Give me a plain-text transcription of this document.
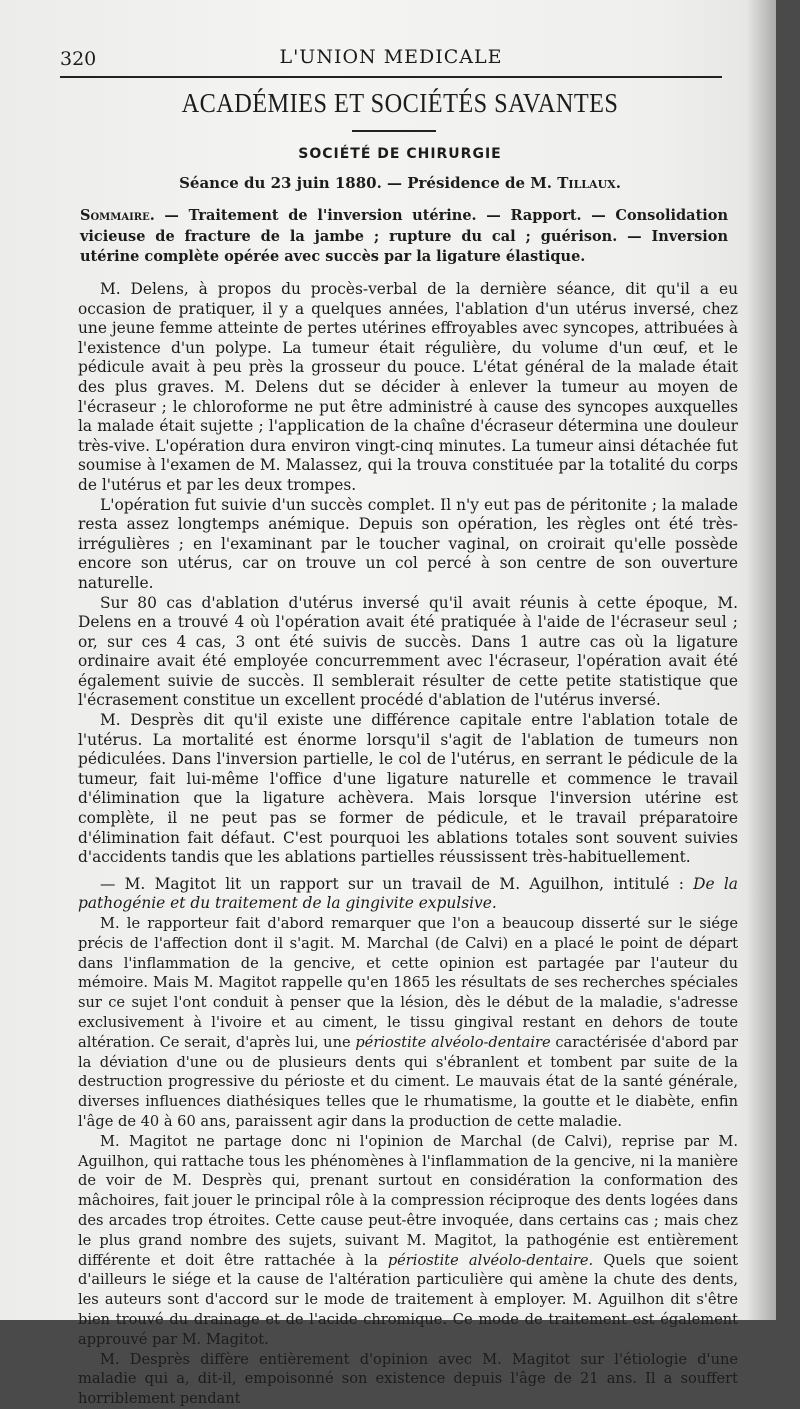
320	L'UNION MEDICALE
ACADÉMIES ET SOCIÉTÉS SAVANTES
SOCIÉTÉ DE CHIRURGIE
Séance du 23 juin 1880. — Présidence de M. Tillaux.
Sommaire. — Traitement de l'inversion utérine. — Rapport. — Consolidation vicieuse de fracture de la jambe ; rupture du cal ; guérison. — Inversion utérine complète opérée avec succès par la ligature élastique.

M. Delens, à propos du procès-verbal de la dernière séance, dit qu'il a eu occasion de pratiquer, il y a quelques années, l'ablation d'un utérus inversé, chez une jeune femme atteinte de pertes utérines effroyables avec syncopes, attribuées à l'existence d'un polype. La tumeur était régulière, du volume d'un œuf, et le pédicule avait à peu près la grosseur du pouce. L'état général de la malade était des plus graves. M. Delens dut se décider à enlever la tumeur au moyen de l'écraseur ; le chloroforme ne put être administré à cause des syncopes auxquelles la malade était sujette ; l'application de la chaîne d'écraseur détermina une douleur très-vive. L'opération dura environ vingt-cinq minutes. La tumeur ainsi détachée fut soumise à l'examen de M. Malassez, qui la trouva constituée par la totalité du corps de l'utérus et par les deux trompes.

L'opération fut suivie d'un succès complet. Il n'y eut pas de péritonite ; la malade resta assez longtemps anémique. Depuis son opération, les règles ont été très-irrégulières ; en l'examinant par le toucher vaginal, on croirait qu'elle possède encore son utérus, car on trouve un col percé à son centre de son ouverture naturelle.

Sur 80 cas d'ablation d'utérus inversé qu'il avait réunis à cette époque, M. Delens en a trouvé 4 où l'opération avait été pratiquée à l'aide de l'écraseur seul ; or, sur ces 4 cas, 3 ont été suivis de succès. Dans 1 autre cas où la ligature ordinaire avait été employée concurremment avec l'écraseur, l'opération avait été également suivie de succès. Il semblerait résulter de cette petite statistique que l'écrasement constitue un excellent procédé d'ablation de l'utérus inversé.

M. Desprès dit qu'il existe une différence capitale entre l'ablation totale de l'utérus. La mortalité est énorme lorsqu'il s'agit de l'ablation de tumeurs non pédiculées. Dans l'inversion partielle, le col de l'utérus, en serrant le pédicule de la tumeur, fait lui-même l'office d'une ligature naturelle et commence le travail d'élimination que la ligature achèvera. Mais lorsque l'inversion utérine est complète, il ne peut pas se former de pédicule, et le travail préparatoire d'élimination fait défaut. C'est pourquoi les ablations totales sont souvent suivies d'accidents tandis que les ablations partielles réussissent très-habituellement.

— M. Magitot lit un rapport sur un travail de M. Aguilhon, intitulé : De la pathogénie et du traitement de la gingivite expulsive.

M. le rapporteur fait d'abord remarquer que l'on a beaucoup disserté sur le siége précis de l'affection dont il s'agit. M. Marchal (de Calvi) en a placé le point de départ dans l'inflammation de la gencive, et cette opinion est partagée par l'auteur du mémoire. Mais M. Magitot rappelle qu'en 1865 les résultats de ses recherches spéciales sur ce sujet l'ont conduit à penser que la lésion, dès le début de la maladie, s'adresse exclusivement à l'ivoire et au ciment, le tissu gingival restant en dehors de toute altération. Ce serait, d'après lui, une périostite alvéolo-dentaire caractérisée d'abord par la déviation d'une ou de plusieurs dents qui s'ébranlent et tombent par suite de la destruction progressive du périoste et du ciment. Le mauvais état de la santé générale, diverses influences diathésiques telles que le rhumatisme, la goutte et le diabète, enfin l'âge de 40 à 60 ans, paraissent agir dans la production de cette maladie.

M. Magitot ne partage donc ni l'opinion de Marchal (de Calvi), reprise par M. Aguilhon, qui rattache tous les phénomènes à l'inflammation de la gencive, ni la manière de voir de M. Desprès qui, prenant surtout en considération la conformation des mâchoires, fait jouer le principal rôle à la compression réciproque des dents logées dans des arcades trop étroites. Cette cause peut-être invoquée, dans certains cas ; mais chez le plus grand nombre des sujets, suivant M. Magitot, la pathogénie est entièrement différente et doit être rattachée à la périostite alvéolo-dentaire. Quels que soient d'ailleurs le siége et la cause de l'altération particulière qui amène la chute des dents, les auteurs sont d'accord sur le mode de traitement à employer. M. Aguilhon dit s'être bien trouvé du drainage et de l'acide chromique. Ce mode de traitement est également approuvé par M. Magitot.

M. Desprès diffère entièrement d'opinion avec M. Magitot sur l'étiologie d'une maladie qui a, dit-il, empoisonné son existence depuis l'âge de 21 ans. Il a souffert horriblement pendant
